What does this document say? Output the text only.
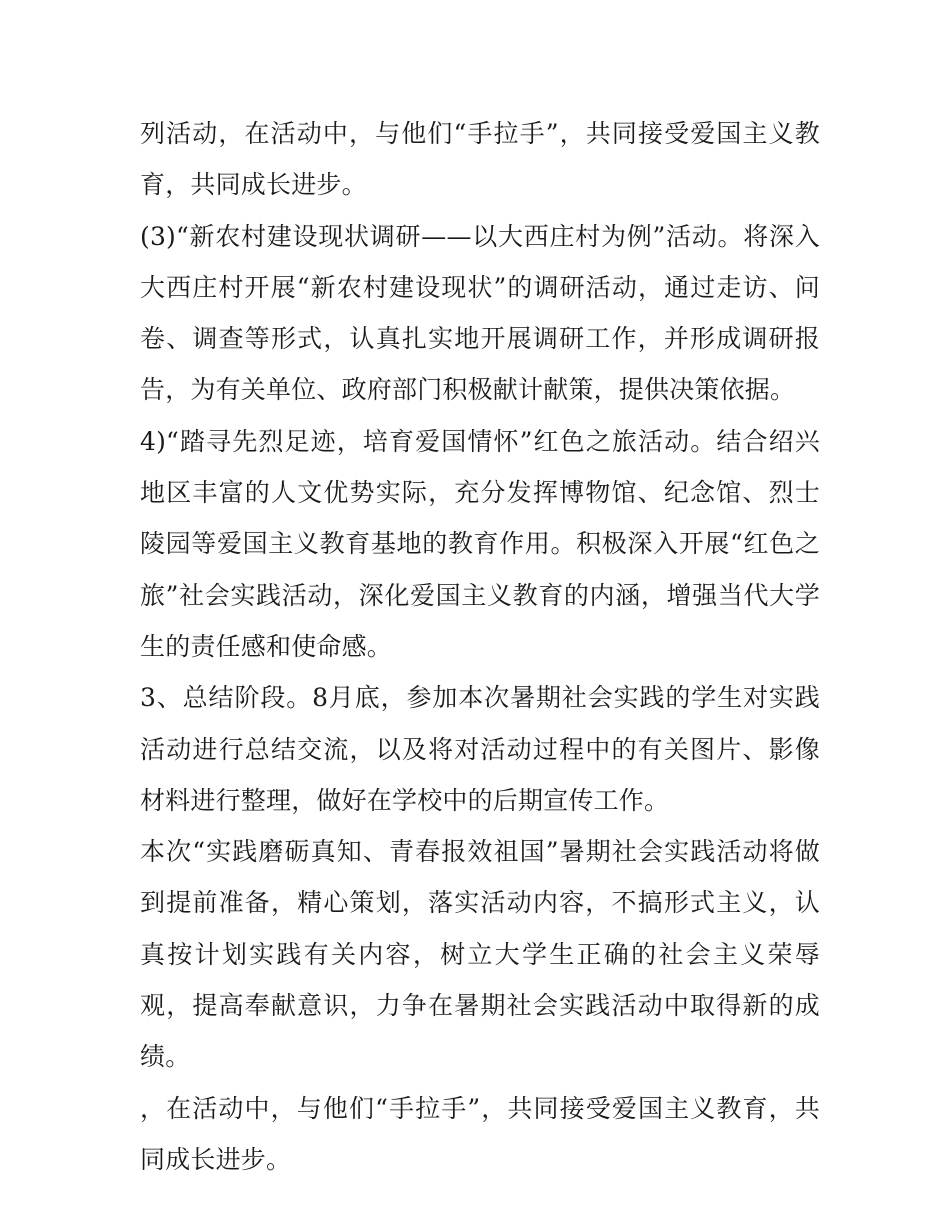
列活动，在活动中，与他们“手拉手”，共同接受爱国主义教育，共同成长进步。

(3)“新农村建设现状调研——以大西庄村为例”活动。将深入大西庄村开展“新农村建设现状”的调研活动，通过走访、问卷、调查等形式，认真扎实地开展调研工作，并形成调研报告，为有关单位、政府部门积极献计献策，提供决策依据。

4)“踏寻先烈足迹，培育爱国情怀”红色之旅活动。结合绍兴地区丰富的人文优势实际，充分发挥博物馆、纪念馆、烈士陵园等爱国主义教育基地的教育作用。积极深入开展“红色之旅”社会实践活动，深化爱国主义教育的内涵，增强当代大学生的责任感和使命感。

3、总结阶段。8月底，参加本次暑期社会实践的学生对实践活动进行总结交流，以及将对活动过程中的有关图片、影像材料进行整理，做好在学校中的后期宣传工作。

本次“实践磨砺真知、青春报效祖国”暑期社会实践活动将做到提前准备，精心策划，落实活动内容，不搞形式主义，认真按计划实践有关内容，树立大学生正确的社会主义荣辱观，提高奉献意识，力争在暑期社会实践活动中取得新的成绩。

，在活动中，与他们“手拉手”，共同接受爱国主义教育，共同成长进步。
